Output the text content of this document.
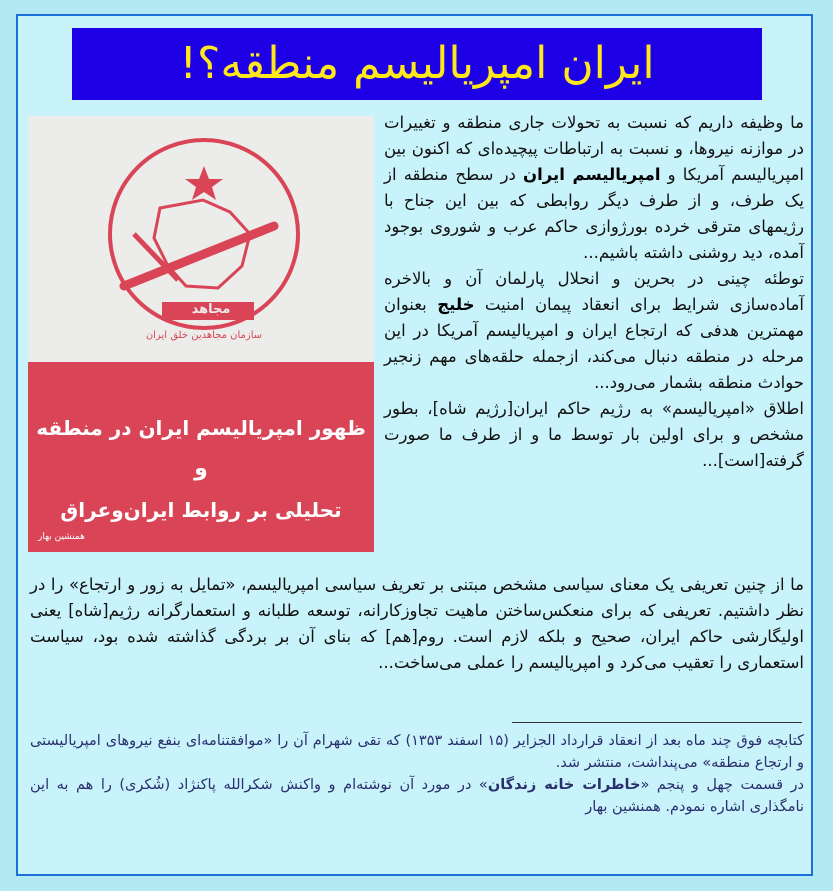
ایران امپریالیسم منطقه؟!
مجاهد
سازمان مجاهدین خلق ایران
ظهور امپریالیسم ایران در منطقه
و
تحلیلی بر روابط ایران‌وعراق
همنشین بهار

ما وظیفه داریم که نسبت به تحولات جاری منطقه و تغییرات در موازنه نیروها، و نسبت به ارتباطات پیچیده‌ای که اکنون بین امپریالیسم آمریکا و امپریالیسم ایران در سطح منطقه از یک طرف، و از طرف دیگر روابطی که بین این جناح با رژیمهای مترقی خرده بورژوازی حاکم عرب و شوروی بوجود آمده، دید روشنی داشته باشیم...

توطئه چینی در بحرین و انحلال پارلمان آن و بالاخره آماده‌سازی شرایط برای انعقاد پیمان امنیت خلیج بعنوان مهمترین هدفی که ارتجاع ایران و امپریالیسم آمریکا در این مرحله در منطقه دنبال می‌کند، ازجمله حلقه‌های مهم زنجیر حوادث منطقه بشمار می‌رود...

اطلاق «امپریالیسم» به رژیم حاکم ایران[رژیم شاه]، بطور مشخص و برای اولین بار توسط ما و از طرف ما صورت گرفته[است]...

ما از چنین تعریفی یک معنای سیاسی مشخص مبتنی بر تعریف سیاسی امپریالیسم، «تمایل به زور و ارتجاع» را در نظر داشتیم. تعریفی که برای منعکس‌ساختن ماهیت تجاوزکارانه، توسعه طلبانه و استعمارگرانه رژیم[شاه] یعنی اولیگارشی حاکم ایران، صحیح و بلکه لازم است. روم[هم] که بنای آن بر بردگی گذاشته شده بود، سیاست استعماری را تعقیب می‌کرد و امپریالیسم را عملی می‌ساخت...

کتابچه فوق چند ماه بعد از انعقاد قرارداد الجزایر (۱۵ اسفند ۱۳۵۳) که تقی شهرام آن را «موافقتنامه‌ای بنفع نیروهای امپریالیستی و ارتجاع منطقه» می‌پنداشت، منتشر شد.

در قسمت چهل و پنجم «خاطرات خانه زندگان» در مورد آن نوشته‌ام و واکنش شکرالله پاکنژاد (شُکری) را هم به این نامگذاری اشاره نمودم. همنشین بهار
